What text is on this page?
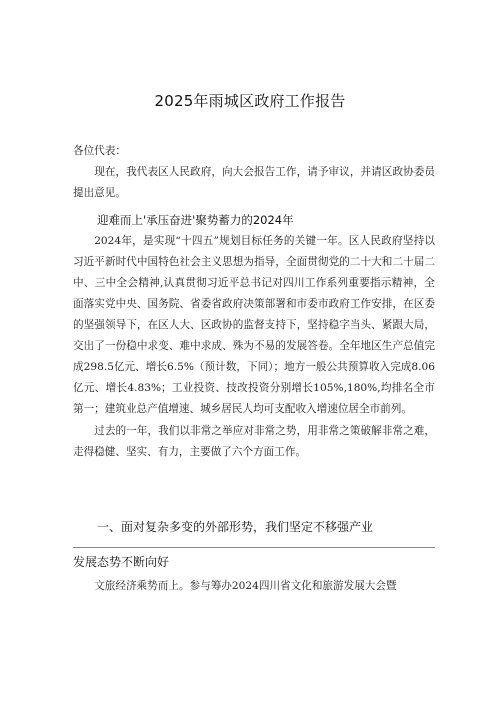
2025年雨城区政府工作报告

各位代表：

现在，我代表区人民政府，向大会报告工作，请予审议，并请区政协委员提出意见。

迎难而上'承压奋进'聚势蓄力的2024年

2024年，是实现“十四五”规划目标任务的关键一年。区人民政府坚持以习近平新时代中国特色社会主义思想为指导，全面贯彻党的二十大和二十届二中、三中全会精神,认真贯彻习近平总书记对四川工作系列重要指示精神，全面落实党中央、国务院、省委省政府决策部署和市委市政府工作安排，在区委的坚强领导下，在区人大、区政协的监督支持下，坚持稳字当头、紧跟大局，交出了一份稳中求变、难中求成、殊为不易的发展答卷。全年地区生产总值完成298.5亿元、增长6.5%（预计数，下同）；地方一般公共预算收入完成8.06亿元、增长4.83%；工业投资、技改投资分别增长105%,180%,均排名全市第一；建筑业总产值增速、城乡居民人均可支配收入增速位居全市前列。

过去的一年，我们以非常之举应对非常之势，用非常之策破解非常之难，走得稳健、坚实、有力，主要做了六个方面工作。

一、面对复杂多变的外部形势，我们坚定不移强产业
发展态势不断向好

文旅经济乘势而上。参与筹办2024四川省文化和旅游发展大会暨
